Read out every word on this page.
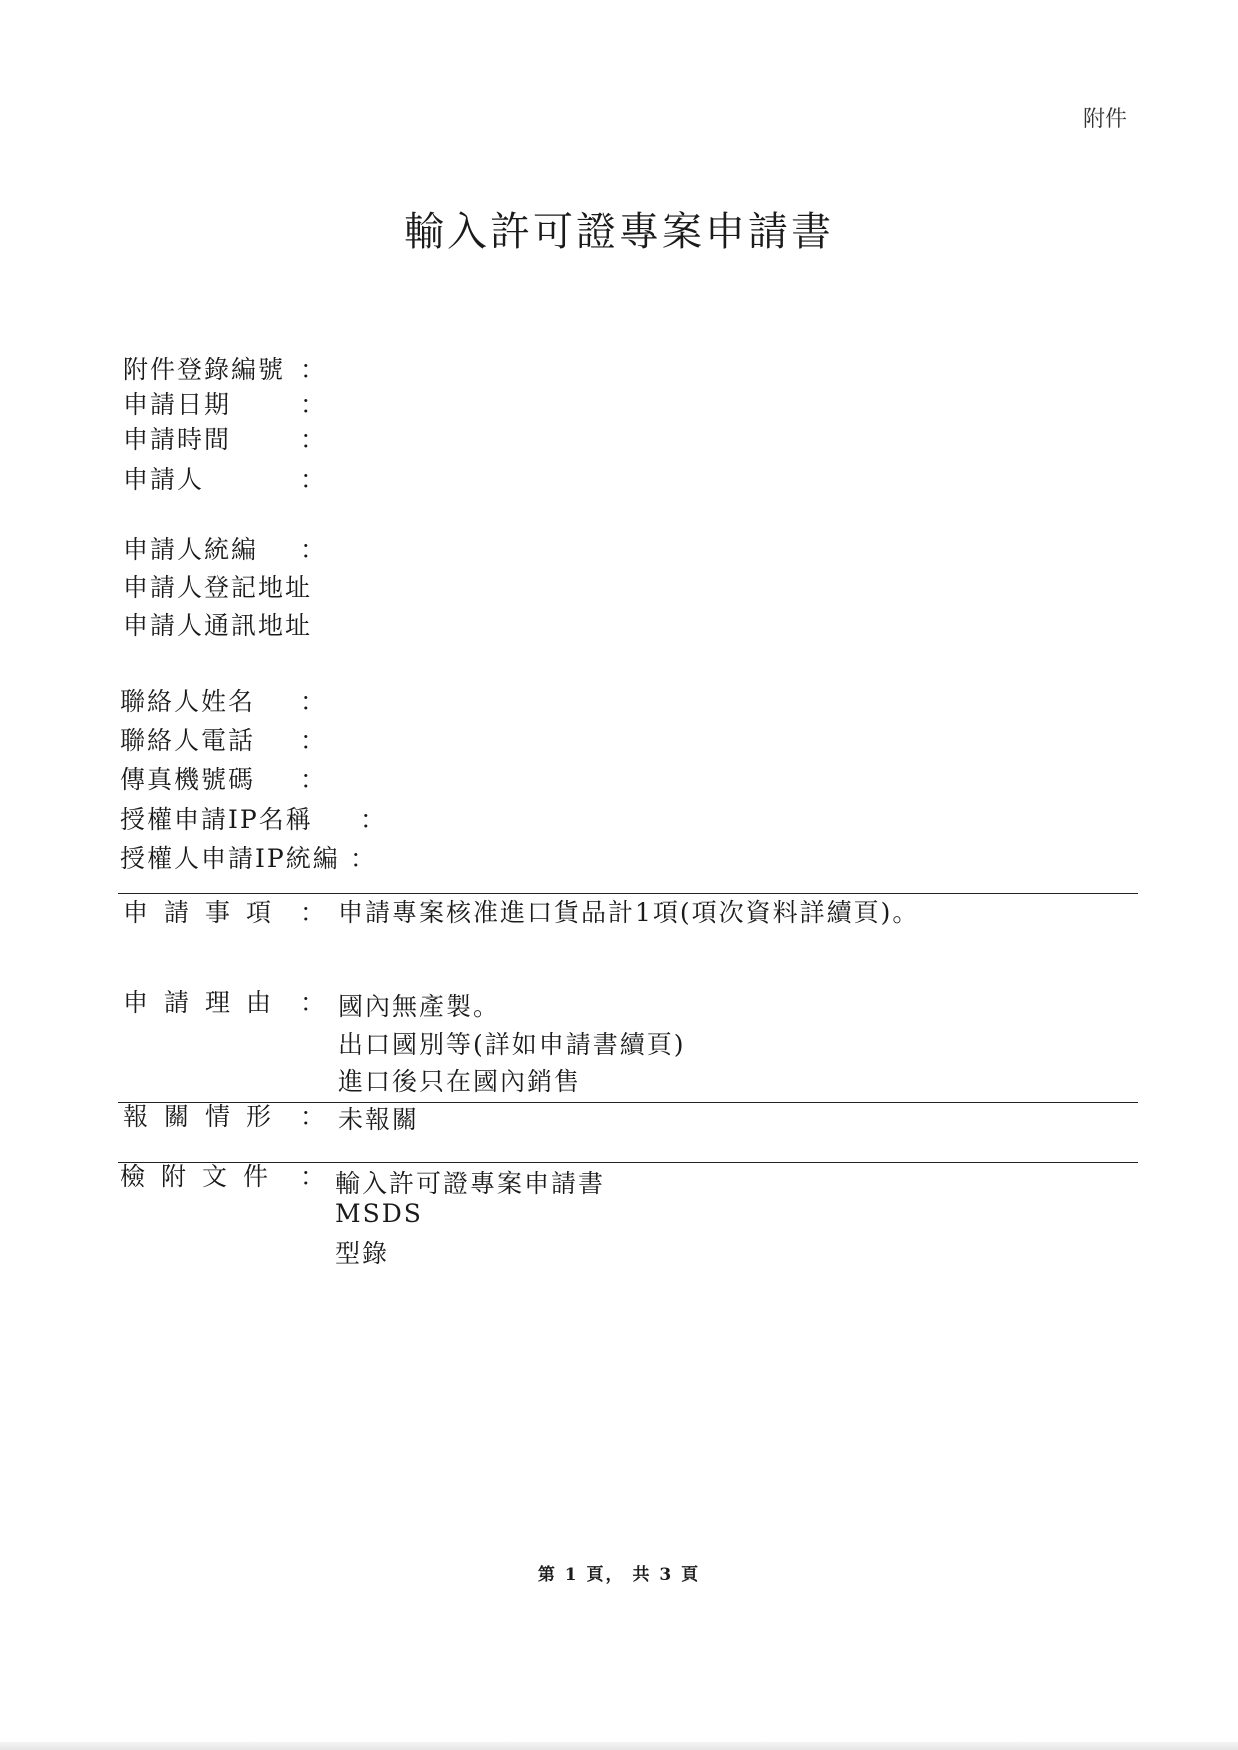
附件
輸入許可證專案申請書
附件登錄編號 ：
申請日期	：
申請時間	：
申請人	：
申請人統編 ：
申請人登記地址
申請人通訊地址
聯絡人姓名 ：
聯絡人電話 ：
傳真機號碼 ：
授權申請IP名稱 ：
授權人申請IP統編 ：
申請事項 ： 申請專案核准進口貨品計1項(項次資料詳續頁)。
申請理由 ： 國內無產製。
出口國別等(詳如申請書續頁)
進口後只在國內銷售
報關情形 ： 未報關
檢附文件 ： 輸入許可證專案申請書
MSDS
型錄
第 1 頁， 共 3 頁
